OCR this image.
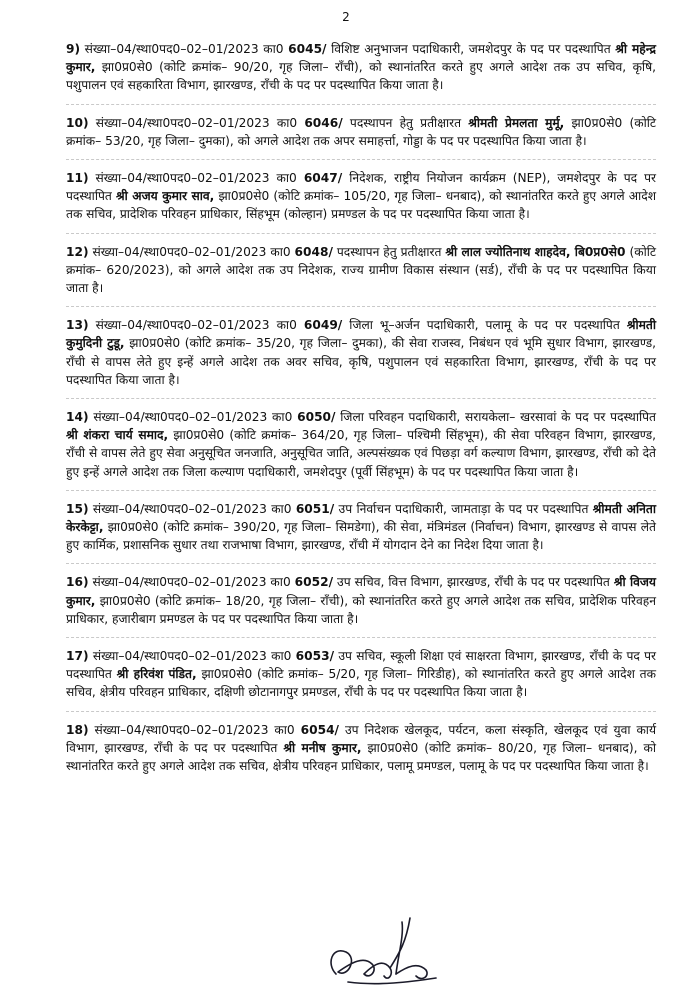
2

9) संख्या–04/स्था0पद0–02–01/2023 का0 6045/ विशिष्ट अनुभाजन पदाधिकारी, जमशेदपुर के पद पर पदस्थापित श्री महेन्द्र कुमार, झा0प्र0से0 (कोटि क्रमांक– 90/20, गृह जिला– राँची), को स्थानांतरित करते हुए अगले आदेश तक उप सचिव, कृषि, पशुपालन एवं सहकारिता विभाग, झारखण्ड, राँची के पद पर पदस्थापित किया जाता है।

10) संख्या–04/स्था0पद0–02–01/2023 का0 6046/ पदस्थापन हेतु प्रतीक्षारत श्रीमती प्रेमलता मुर्मू, झा0प्र0से0 (कोटि क्रमांक– 53/20, गृह जिला– दुमका), को अगले आदेश तक अपर समाहर्त्ता, गोड्डा के पद पर पदस्थापित किया जाता है।

11) संख्या–04/स्था0पद0–02–01/2023 का0 6047/ निदेशक, राष्ट्रीय नियोजन कार्यक्रम (NEP), जमशेदपुर के पद पर पदस्थापित श्री अजय कुमार साव, झा0प्र0से0 (कोटि क्रमांक– 105/20, गृह जिला– धनबाद), को स्थानांतरित करते हुए अगले आदेश तक सचिव, प्रादेशिक परिवहन प्राधिकार, सिंहभूम (कोल्हान) प्रमण्डल के पद पर पदस्थापित किया जाता है।

12) संख्या–04/स्था0पद0–02–01/2023 का0 6048/ पदस्थापन हेतु प्रतीक्षारत श्री लाल ज्योतिनाथ शाहदेव, बि0प्र0से0 (कोटि क्रमांक– 620/2023), को अगले आदेश तक उप निदेशक, राज्य ग्रामीण विकास संस्थान (सर्ड), राँची के पद पर पदस्थापित किया जाता है।

13) संख्या–04/स्था0पद0–02–01/2023 का0 6049/ जिला भू–अर्जन पदाधिकारी, पलामू के पद पर पदस्थापित श्रीमती कुमुदिनी टुडू, झा0प्र0से0 (कोटि क्रमांक– 35/20, गृह जिला– दुमका), की सेवा राजस्व, निबंधन एवं भूमि सुधार विभाग, झारखण्ड, राँची से वापस लेते हुए इन्हें अगले आदेश तक अवर सचिव, कृषि, पशुपालन एवं सहकारिता विभाग, झारखण्ड, राँची के पद पर पदस्थापित किया जाता है।

14) संख्या–04/स्था0पद0–02–01/2023 का0 6050/ जिला परिवहन पदाधिकारी, सरायकेला– खरसावां के पद पर पदस्थापित श्री शंकरा चार्य समाद, झा0प्र0से0 (कोटि क्रमांक– 364/20, गृह जिला– पश्चिमी सिंहभूम), की सेवा परिवहन विभाग, झारखण्ड, राँची से वापस लेते हुए सेवा अनुसूचित जनजाति, अनुसूचित जाति, अल्पसंख्यक एवं पिछड़ा वर्ग कल्याण विभाग, झारखण्ड, राँची को देते हुए इन्हें अगले आदेश तक जिला कल्याण पदाधिकारी, जमशेदपुर (पूर्वी सिंहभूम) के पद पर पदस्थापित किया जाता है।

15) संख्या–04/स्था0पद0–02–01/2023 का0 6051/ उप निर्वाचन पदाधिकारी, जामताड़ा के पद पर पदस्थापित श्रीमती अनिता केरकेट्टा, झा0प्र0से0 (कोटि क्रमांक– 390/20, गृह जिला– सिमडेगा), की सेवा, मंत्रिमंडल (निर्वाचन) विभाग, झारखण्ड से वापस लेते हुए कार्मिक, प्रशासनिक सुधार तथा राजभाषा विभाग, झारखण्ड, राँची में योगदान देने का निदेश दिया जाता है।

16) संख्या–04/स्था0पद0–02–01/2023 का0 6052/ उप सचिव, वित्त विभाग, झारखण्ड, राँची के पद पर पदस्थापित श्री विजय कुमार, झा0प्र0से0 (कोटि क्रमांक– 18/20, गृह जिला– राँची), को स्थानांतरित करते हुए अगले आदेश तक सचिव, प्रादेशिक परिवहन प्राधिकार, हजारीबाग प्रमण्डल के पद पर पदस्थापित किया जाता है।

17) संख्या–04/स्था0पद0–02–01/2023 का0 6053/ उप सचिव, स्कूली शिक्षा एवं साक्षरता विभाग, झारखण्ड, राँची के पद पर पदस्थापित श्री हरिवंश पंडित, झा0प्र0से0 (कोटि क्रमांक– 5/20, गृह जिला– गिरिडीह), को स्थानांतरित करते हुए अगले आदेश तक सचिव, क्षेत्रीय परिवहन प्राधिकार, दक्षिणी छोटानागपुर प्रमण्डल, राँची के पद पर पदस्थापित किया जाता है।

18) संख्या–04/स्था0पद0–02–01/2023 का0 6054/ उप निदेशक खेलकूद, पर्यटन, कला संस्कृति, खेलकूद एवं युवा कार्य विभाग, झारखण्ड, राँची के पद पर पदस्थापित श्री मनीष कुमार, झा0प्र0से0 (कोटि क्रमांक– 80/20, गृह जिला– धनबाद), को स्थानांतरित करते हुए अगले आदेश तक सचिव, क्षेत्रीय परिवहन प्राधिकार, पलामू प्रमण्डल, पलामू के पद पर पदस्थापित किया जाता है।
